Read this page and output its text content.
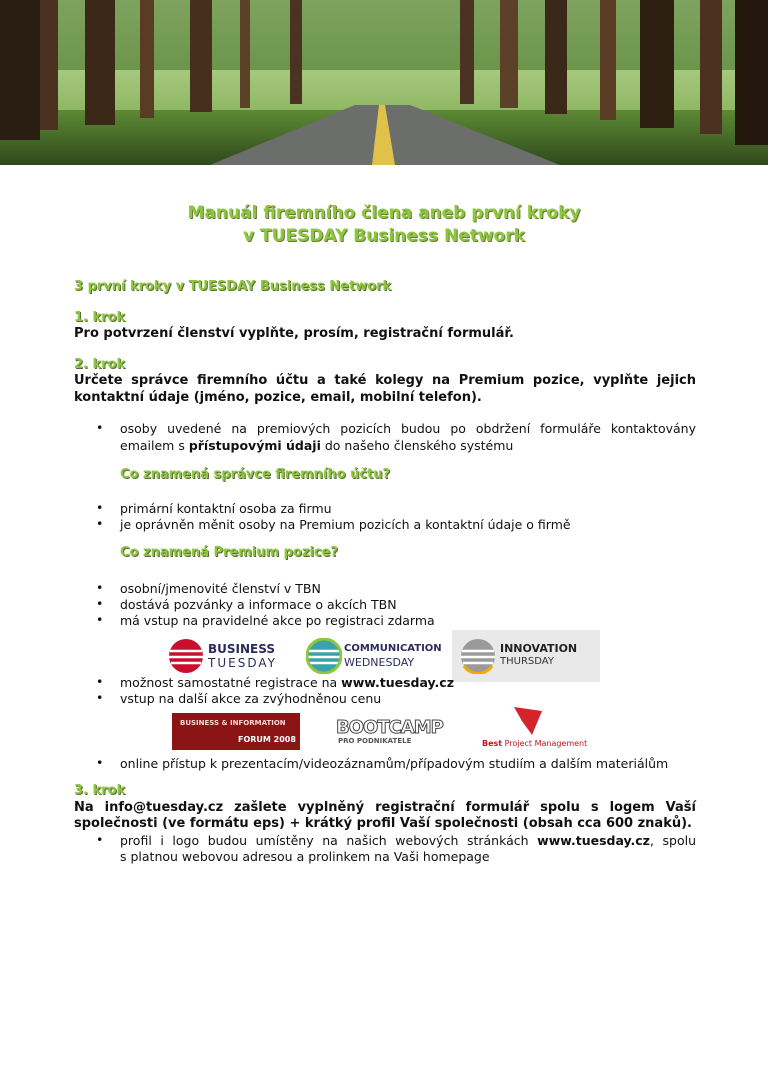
Manuál firemního člena aneb první kroky
v TUESDAY Business Network
3 první kroky v TUESDAY Business Network
1. krok
Pro potvrzení členství vyplňte, prosím, registrační formulář.
2. krok
Určete správce firemního účtu a také kolegy na Premium pozice, vyplňte jejich
kontaktní údaje (jméno, pozice, email, mobilní telefon).
• osoby uvedené na premiových pozicích budou po obdržení formuláře kontaktovány
emailem s přístupovými údaji do našeho členského systému
Co znamená správce firemního účtu?
• primární kontaktní osoba za firmu
• je oprávněn měnit osoby na Premium pozicích a kontaktní údaje o firmě
Co znamená Premium pozice?
• osobní/jmenovité členství v TBN
• dostává pozvánky a informace o akcích TBN
• má vstup na pravidelné akce po registraci zdarma
BUSINESS
TUESDAY
COMMUNICATION
WEDNESDAY
INNOVATION
THURSDAY
• možnost samostatné registrace na www.tuesday.cz
• vstup na další akce za zvýhodněnou cenu
BUSINESS & INFORMATION
FORUM 2008
BOOTCAMP
PRO PODNIKATELE	Best Project Management
• online přístup k prezentacím/videozáznamům/případovým studiím a dalším materiálům
3. krok
Na info@tuesday.cz zašlete vyplněný registrační formulář spolu s logem Vaší
společnosti (ve formátu eps) + krátký profil Vaší společnosti (obsah cca 600 znaků).
• profil i logo budou umístěny na našich webových stránkách www.tuesday.cz, spolu
s platnou webovou adresou a prolinkem na Vaši homepage
